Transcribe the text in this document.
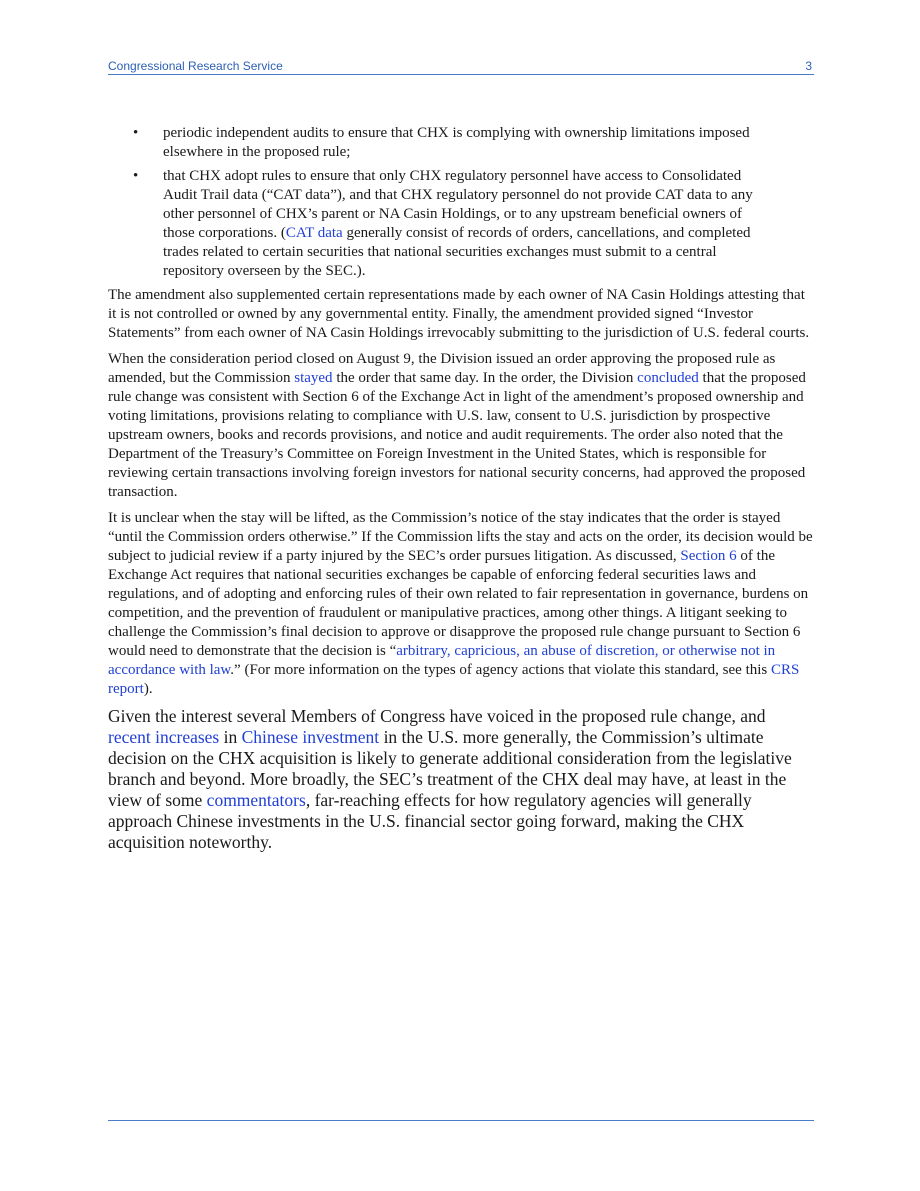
Congressional Research Service	3
• periodic independent audits to ensure that CHX is complying with ownership limitations imposed elsewhere in the proposed rule;
• that CHX adopt rules to ensure that only CHX regulatory personnel have access to Consolidated Audit Trail data (“CAT data”), and that CHX regulatory personnel do not provide CAT data to any other personnel of CHX’s parent or NA Casin Holdings, or to any upstream beneficial owners of those corporations. (CAT data generally consist of records of orders, cancellations, and completed trades related to certain securities that national securities exchanges must submit to a central repository overseen by the SEC.).

The amendment also supplemented certain representations made by each owner of NA Casin Holdings attesting that it is not controlled or owned by any governmental entity. Finally, the amendment provided signed “Investor Statements” from each owner of NA Casin Holdings irrevocably submitting to the jurisdiction of U.S. federal courts.

When the consideration period closed on August 9, the Division issued an order approving the proposed rule as amended, but the Commission stayed the order that same day. In the order, the Division concluded that the proposed rule change was consistent with Section 6 of the Exchange Act in light of the amendment’s proposed ownership and voting limitations, provisions relating to compliance with U.S. law, consent to U.S. jurisdiction by prospective upstream owners, books and records provisions, and notice and audit requirements. The order also noted that the Department of the Treasury’s Committee on Foreign Investment in the United States, which is responsible for reviewing certain transactions involving foreign investors for national security concerns, had approved the proposed transaction.

It is unclear when the stay will be lifted, as the Commission’s notice of the stay indicates that the order is stayed “until the Commission orders otherwise.” If the Commission lifts the stay and acts on the order, its decision would be subject to judicial review if a party injured by the SEC’s order pursues litigation. As discussed, Section 6 of the Exchange Act requires that national securities exchanges be capable of enforcing federal securities laws and regulations, and of adopting and enforcing rules of their own related to fair representation in governance, burdens on competition, and the prevention of fraudulent or manipulative practices, among other things. A litigant seeking to challenge the Commission’s final decision to approve or disapprove the proposed rule change pursuant to Section 6 would need to demonstrate that the decision is “arbitrary, capricious, an abuse of discretion, or otherwise not in accordance with law.” (For more information on the types of agency actions that violate this standard, see this CRS report).

Given the interest several Members of Congress have voiced in the proposed rule change, and recent increases in Chinese investment in the U.S. more generally, the Commission’s ultimate decision on the CHX acquisition is likely to generate additional consideration from the legislative branch and beyond. More broadly, the SEC’s treatment of the CHX deal may have, at least in the view of some commentators, far-reaching effects for how regulatory agencies will generally approach Chinese investments in the U.S. financial sector going forward, making the CHX acquisition noteworthy.
